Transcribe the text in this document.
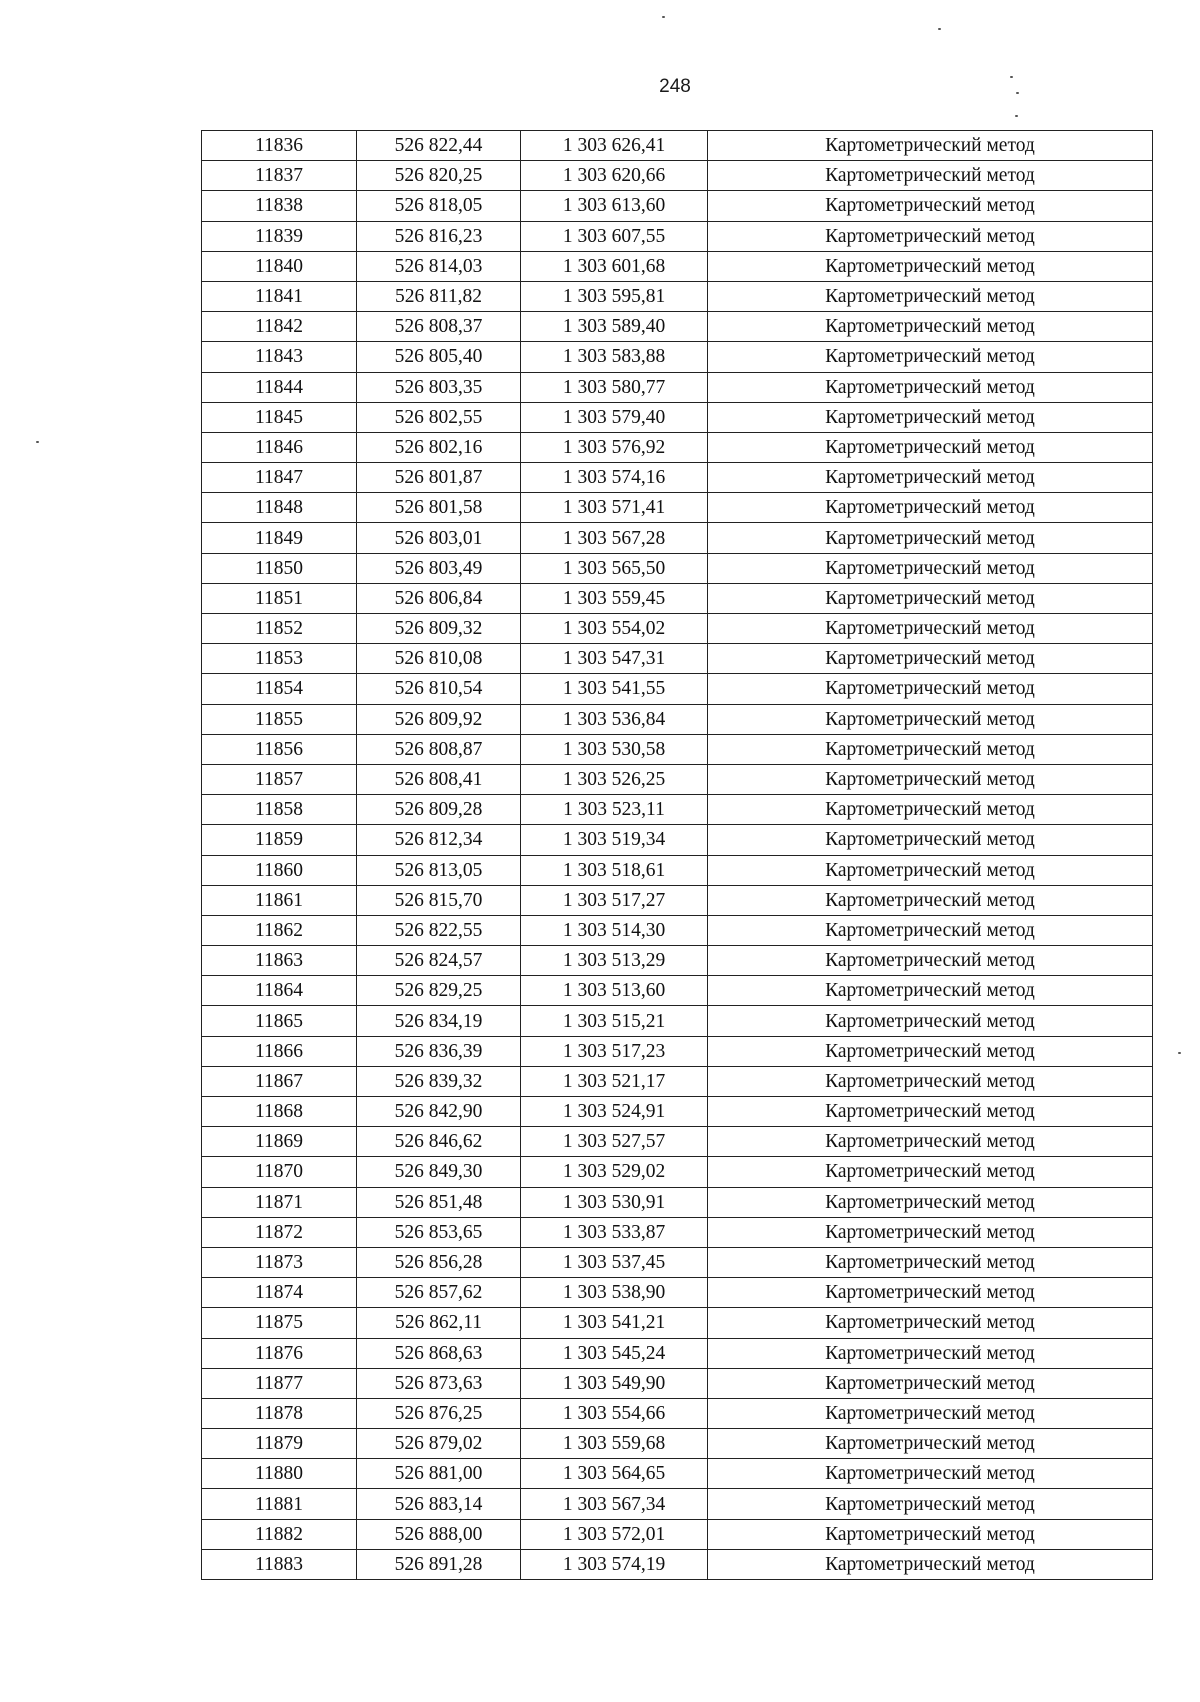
248
11836	526 822,44	1 303 626,41	Картометрический метод
11837	526 820,25	1 303 620,66	Картометрический метод
11838	526 818,05	1 303 613,60	Картометрический метод
11839	526 816,23	1 303 607,55	Картометрический метод
11840	526 814,03	1 303 601,68	Картометрический метод
11841	526 811,82	1 303 595,81	Картометрический метод
11842	526 808,37	1 303 589,40	Картометрический метод
11843	526 805,40	1 303 583,88	Картометрический метод
11844	526 803,35	1 303 580,77	Картометрический метод
11845	526 802,55	1 303 579,40	Картометрический метод
11846	526 802,16	1 303 576,92	Картометрический метод
11847	526 801,87	1 303 574,16	Картометрический метод
11848	526 801,58	1 303 571,41	Картометрический метод
11849	526 803,01	1 303 567,28	Картометрический метод
11850	526 803,49	1 303 565,50	Картометрический метод
11851	526 806,84	1 303 559,45	Картометрический метод
11852	526 809,32	1 303 554,02	Картометрический метод
11853	526 810,08	1 303 547,31	Картометрический метод
11854	526 810,54	1 303 541,55	Картометрический метод
11855	526 809,92	1 303 536,84	Картометрический метод
11856	526 808,87	1 303 530,58	Картометрический метод
11857	526 808,41	1 303 526,25	Картометрический метод
11858	526 809,28	1 303 523,11	Картометрический метод
11859	526 812,34	1 303 519,34	Картометрический метод
11860	526 813,05	1 303 518,61	Картометрический метод
11861	526 815,70	1 303 517,27	Картометрический метод
11862	526 822,55	1 303 514,30	Картометрический метод
11863	526 824,57	1 303 513,29	Картометрический метод
11864	526 829,25	1 303 513,60	Картометрический метод
11865	526 834,19	1 303 515,21	Картометрический метод
11866	526 836,39	1 303 517,23	Картометрический метод
11867	526 839,32	1 303 521,17	Картометрический метод
11868	526 842,90	1 303 524,91	Картометрический метод
11869	526 846,62	1 303 527,57	Картометрический метод
11870	526 849,30	1 303 529,02	Картометрический метод
11871	526 851,48	1 303 530,91	Картометрический метод
11872	526 853,65	1 303 533,87	Картометрический метод
11873	526 856,28	1 303 537,45	Картометрический метод
11874	526 857,62	1 303 538,90	Картометрический метод
11875	526 862,11	1 303 541,21	Картометрический метод
11876	526 868,63	1 303 545,24	Картометрический метод
11877	526 873,63	1 303 549,90	Картометрический метод
11878	526 876,25	1 303 554,66	Картометрический метод
11879	526 879,02	1 303 559,68	Картометрический метод
11880	526 881,00	1 303 564,65	Картометрический метод
11881	526 883,14	1 303 567,34	Картометрический метод
11882	526 888,00	1 303 572,01	Картометрический метод
11883	526 891,28	1 303 574,19	Картометрический метод
